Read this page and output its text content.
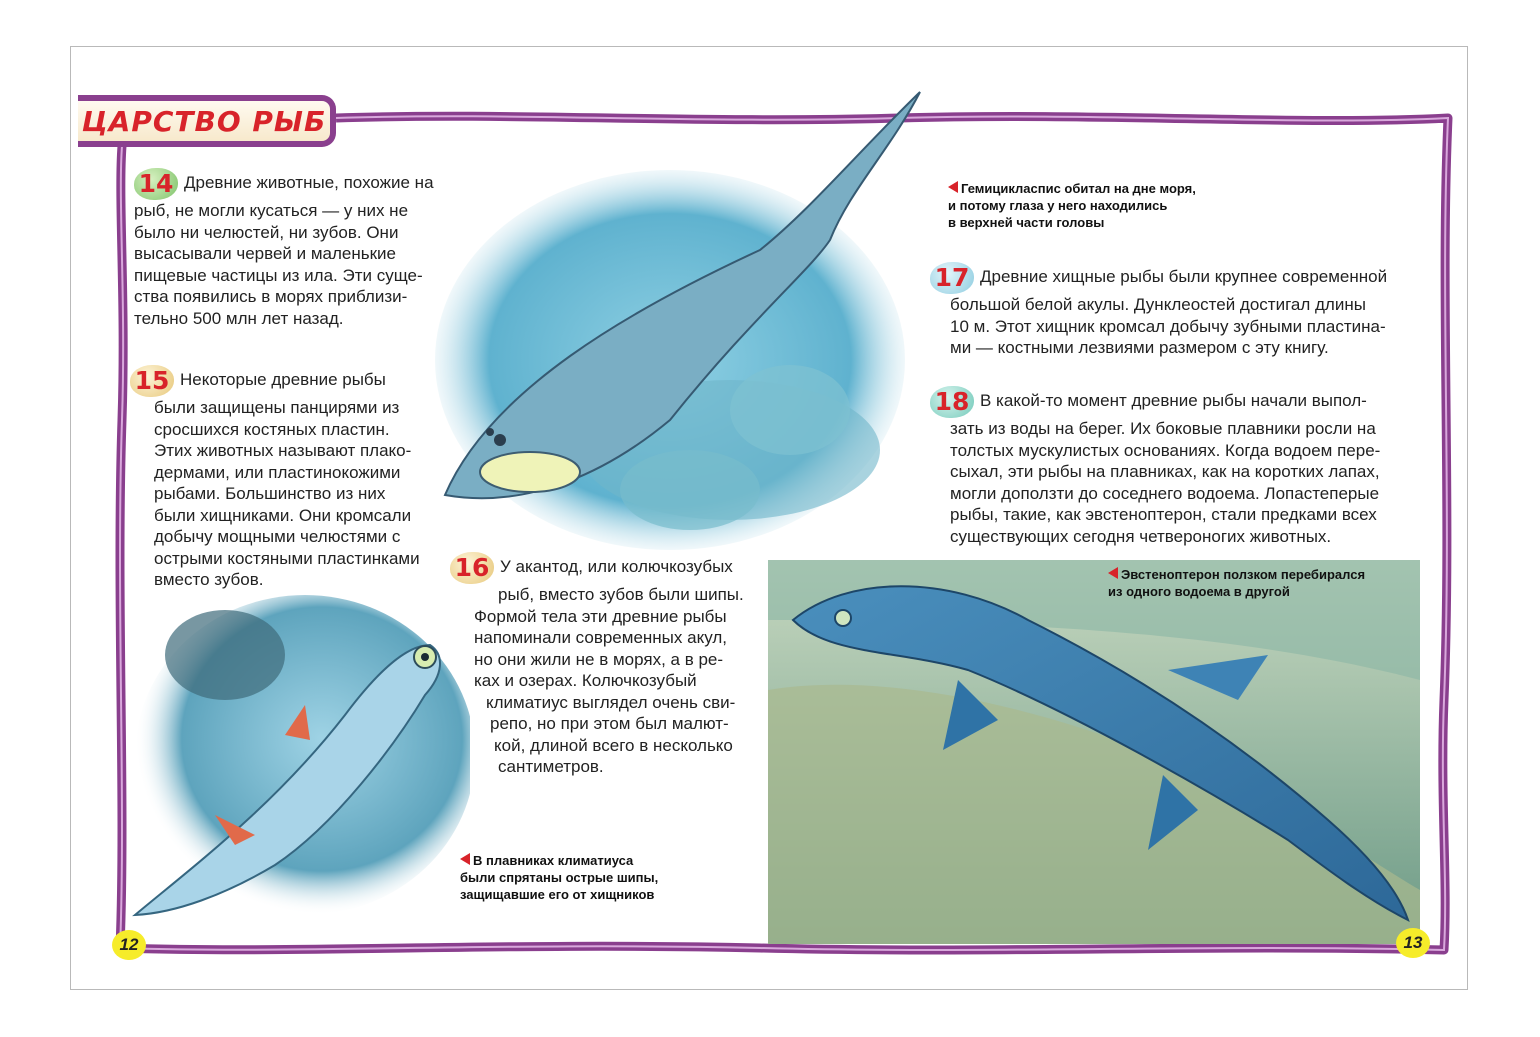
ЦАРСТВО РЫБ
14 Древние животные, похожие на
рыб, не могли кусаться — у них не
было ни челюстей, ни зубов. Они
высасывали червей и маленькие
пищевые частицы из ила. Эти суще-
ства появились в морях приблизи-
тельно 500 млн лет назад.
15 Некоторые древние рыбы
были защищены панцирями из
сросшихся костяных пластин.
Этих животных называют плако-
дермами, или пластинокожими
рыбами. Большинство из них
были хищниками. Они кромсали
добычу мощными челюстями с
острыми костяными пластинками
вместо зубов.	16 У акантод, или колючкозубых
рыб, вместо зубов были шипы.
Формой тела эти древние рыбы
напоминали современных акул,
но они жили не в морях, а в ре-
ках и озерах. Колючкозубый
климатиус выглядел очень сви-
репо, но при этом был малют-
кой, длиной всего в несколько
сантиметров.
17 Древние хищные рыбы были крупнее современной
большой белой акулы. Дунклеостей достигал длины
10 м. Этот хищник кромсал добычу зубными пластина-
ми — костными лезвиями размером с эту книгу.
18 В какой-то момент древние рыбы начали выпол-
зать из воды на берег. Их боковые плавники росли на
толстых мускулистых основаниях. Когда водоем пере-
сыхал, эти рыбы на плавниках, как на коротких лапах,
могли доползти до соседнего водоема. Лопастеперые
рыбы, такие, как эвстеноптерон, стали предками всех
существующих сегодня четвероногих животных.
Гемицикласпис обитал на дне моря,
и потому глаза у него находились
в верхней части головы
В плавниках климатиуса
были спрятаны острые шипы,
защищавшие его от хищников
Эвстеноптерон ползком перебирался
из одного водоема в другой
12	13
